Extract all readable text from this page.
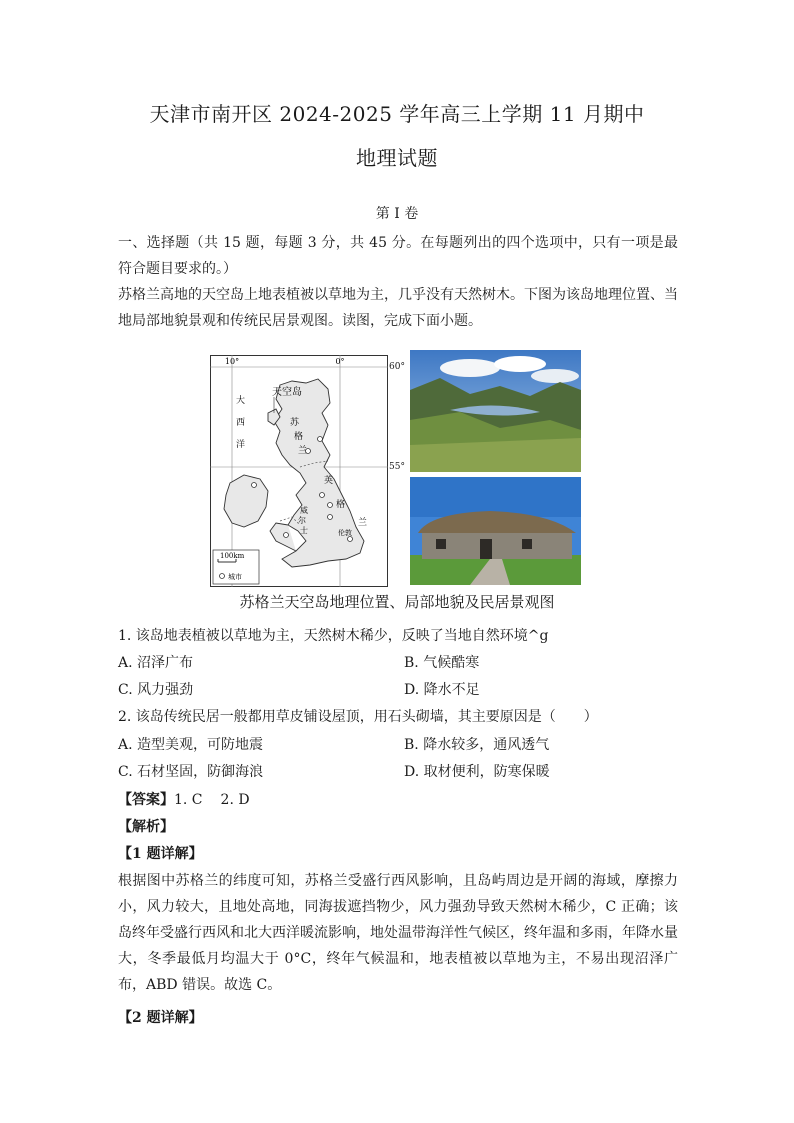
天津市南开区 2024-2025 学年高三上学期 11 月期中
地理试题
第 I 卷
一、选择题（共 15 题，每题 3 分，共 45 分。在每题列出的四个选项中，只有一项是最符合题目要求的。）
苏格兰高地的天空岛上地表植被以草地为主，几乎没有天然树木。下图为该岛地理位置、当地局部地貌景观和传统民居景观图。读图，完成下面小题。
10°	0°
天空岛
大
西
洋
苏
格
兰
英
格
兰
威
尔
士	伦敦
100km
城市
60°
55°
苏格兰天空岛地理位置、局部地貌及民居景观图
1. 该岛地表植被以草地为主，天然树木稀少，反映了当地自然环境^g
A. 沼泽广布	B. 气候酷寒
C. 风力强劲	D. 降水不足
2. 该岛传统民居一般都用草皮铺设屋顶，用石头砌墙，其主要原因是（　　）
A. 造型美观，可防地震	B. 降水较多，通风透气
C. 石材坚固，防御海浪	D. 取材便利，防寒保暖
【答案】1. C 2. D
【解析】
【1 题详解】
根据图中苏格兰的纬度可知，苏格兰受盛行西风影响，且岛屿周边是开阔的海域，摩擦力小，风力较大，且地处高地，同海拔遮挡物少，风力强劲导致天然树木稀少，C 正确；该岛终年受盛行西风和北大西洋暖流影响，地处温带海洋性气候区，终年温和多雨，年降水量大，冬季最低月均温大于 0°C，终年气候温和，地表植被以草地为主，不易出现沼泽广布，ABD 错误。故选 C。
【2 题详解】
